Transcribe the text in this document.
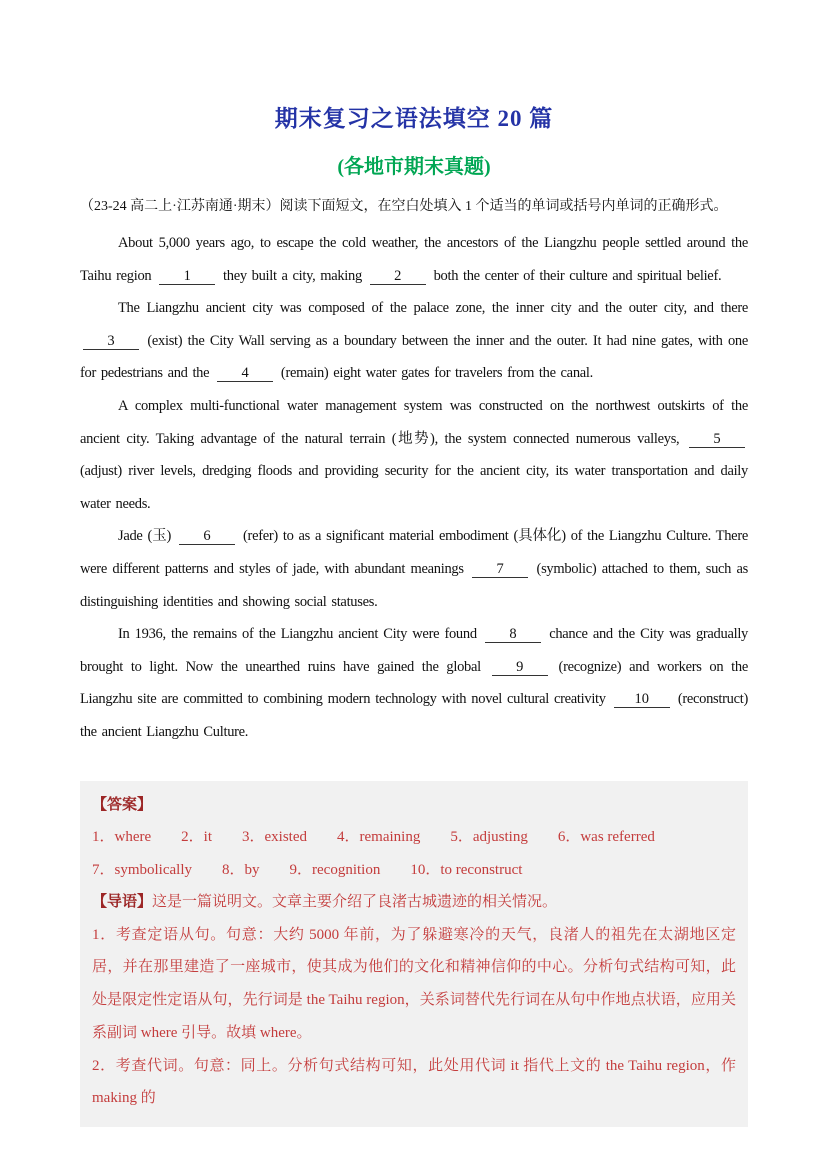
期末复习之语法填空 20 篇
(各地市期末真题)

（23-24 高二上·江苏南通·期末）阅读下面短文，在空白处填入 1 个适当的单词或括号内单词的正确形式。

About 5,000 years ago, to escape the cold weather, the ancestors of the Liangzhu people settled around the Taihu region 1 they built a city, making 2 both the center of their culture and spiritual belief.

The Liangzhu ancient city was composed of the palace zone, the inner city and the outer city, and there 3 (exist) the City Wall serving as a boundary between the inner and the outer. It had nine gates, with one for pedestrians and the 4 (remain) eight water gates for travelers from the canal.

A complex multi-functional water management system was constructed on the northwest outskirts of the ancient city. Taking advantage of the natural terrain (地势), the system connected numerous valleys, 5 (adjust) river levels, dredging floods and providing security for the ancient city, its water transportation and daily water needs.

Jade (玉) 6 (refer) to as a significant material embodiment (具体化) of the Liangzhu Culture. There were different patterns and styles of jade, with abundant meanings 7 (symbolic) attached to them, such as distinguishing identities and showing social statuses.

In 1936, the remains of the Liangzhu ancient City were found 8 chance and the City was gradually brought to light. Now the unearthed ruins have gained the global 9 (recognize) and workers on the Liangzhu site are committed to combining modern technology with novel cultural creativity 10 (reconstruct) the ancient Liangzhu Culture.

【答案】

1．where 2．it 3．existed 4．remaining 5．adjusting 6．was referred
7．symbolically 8．by 9．recognition 10．to reconstruct

【导语】这是一篇说明文。文章主要介绍了良渚古城遗迹的相关情况。

1．考查定语从句。句意：大约 5000 年前，为了躲避寒冷的天气，良渚人的祖先在太湖地区定居，并在那里建造了一座城市，使其成为他们的文化和精神信仰的中心。分析句式结构可知，此处是限定性定语从句，先行词是 the Taihu region，关系词替代先行词在从句中作地点状语，应用关系副词 where 引导。故填 where。

2．考查代词。句意：同上。分析句式结构可知，此处用代词 it 指代上文的 the Taihu region，作 making 的
